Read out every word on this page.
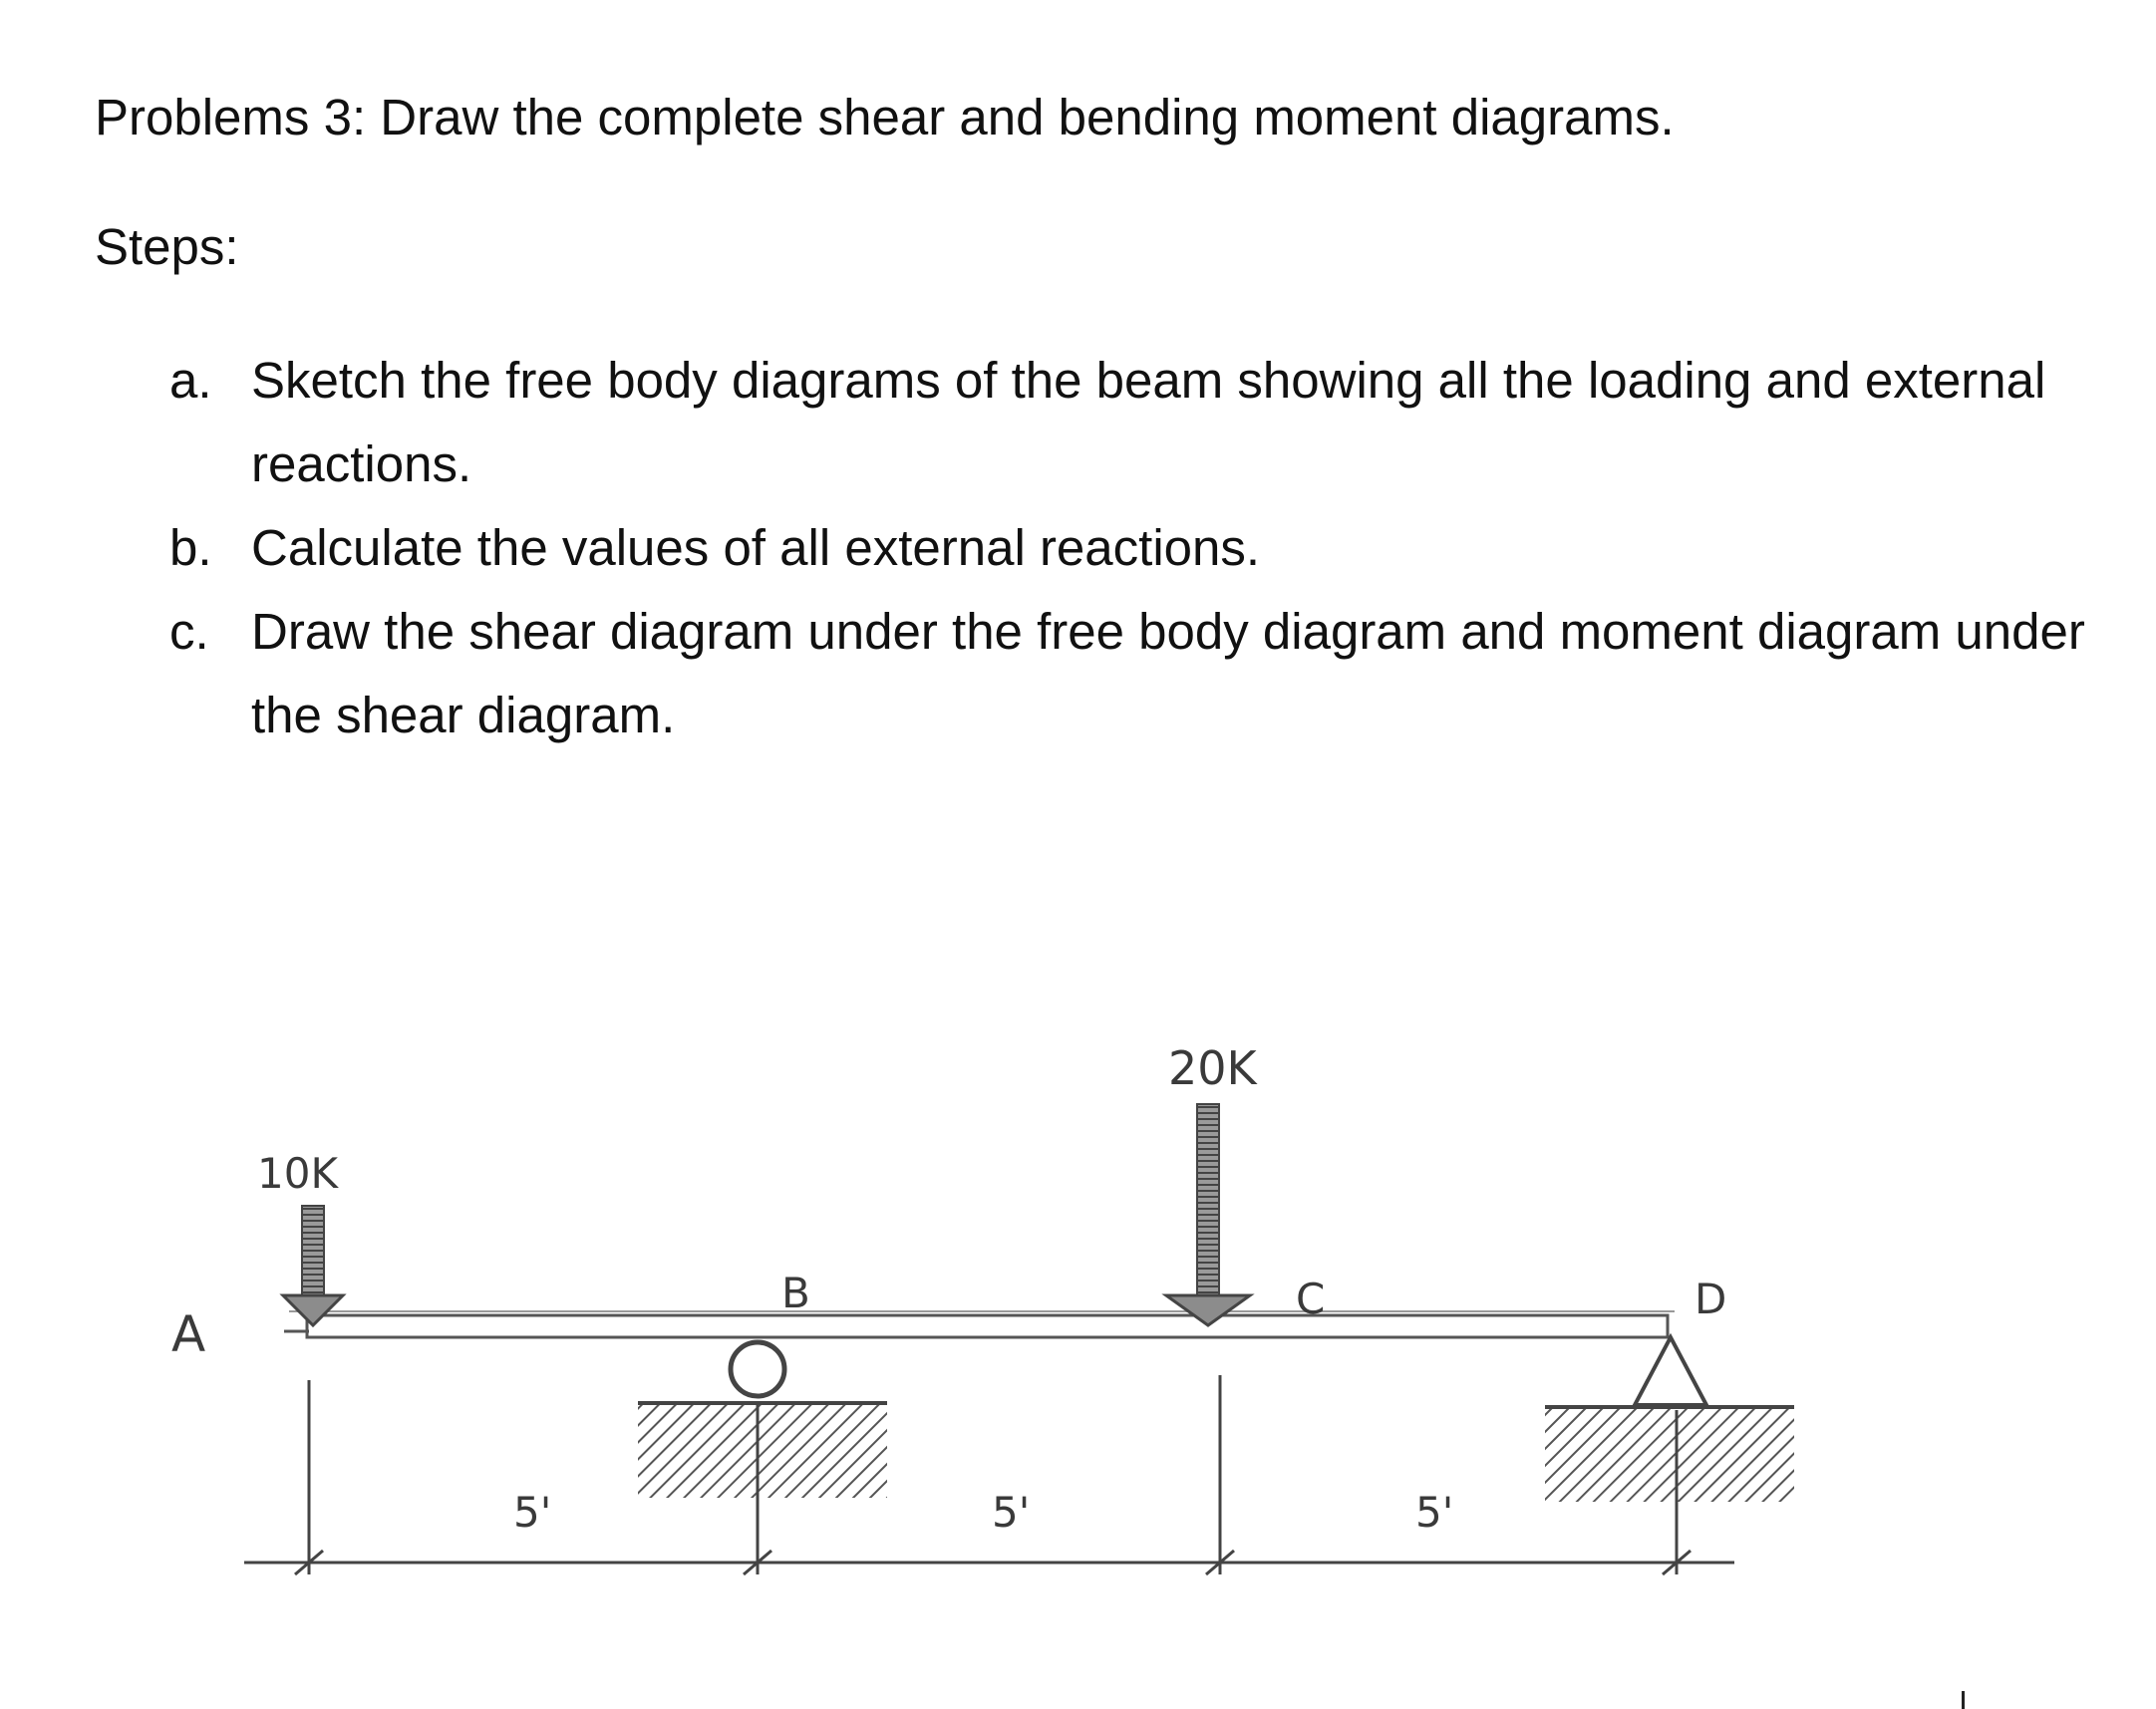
Problems 3: Draw the complete shear and bending moment diagrams.
Steps:
a. Sketch the free body diagrams of the beam showing all the loading and external reactions.
b. Calculate the values of all external reactions.
c. Draw the shear diagram under the free body diagram and moment diagram under the shear diagram.
A
10K
20K
B	C	D
5'	5'	5'
